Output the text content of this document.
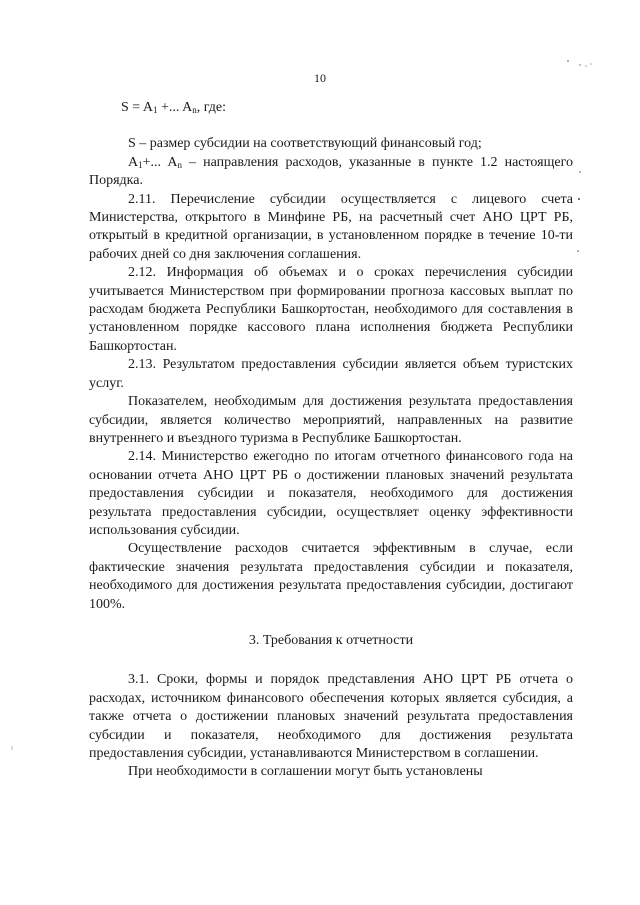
10

$S = A_1$ +... $A_n$, где:

S – размер субсидии на соответствующий финансовый год;

$A_1+$... $A_n$ – направления расходов, указанные в пункте 1.2 настоящего Порядка.

2.11. Перечисление субсидии осуществляется с лицевого счета Министерства, открытого в Минфине РБ, на расчетный счет АНО ЦРТ РБ, открытый в кредитной организации, в установленном порядке в течение 10-ти рабочих дней со дня заключения соглашения.

2.12. Информация об объемах и о сроках перечисления субсидии учитывается Министерством при формировании прогноза кассовых выплат по расходам бюджета Республики Башкортостан, необходимого для составления в установленном порядке кассового плана исполнения бюджета Республики Башкортостан.

2.13. Результатом предоставления субсидии является объем туристских услуг.

Показателем, необходимым для достижения результата предоставления субсидии, является количество мероприятий, направленных на развитие внутреннего и въездного туризма в Республике Башкортостан.

2.14. Министерство ежегодно по итогам отчетного финансового года на основании отчета АНО ЦРТ РБ о достижении плановых значений результата предоставления субсидии и показателя, необходимого для достижения результата предоставления субсидии, осуществляет оценку эффективности использования субсидии.

Осуществление расходов считается эффективным в случае, если фактические значения результата предоставления субсидии и показателя, необходимого для достижения результата предоставления субсидии, достигают 100%.

3. Требования к отчетности

3.1. Сроки, формы и порядок представления АНО ЦРТ РБ отчета о расходах, источником финансового обеспечения которых является субсидия, а также отчета о достижении плановых значений результата предоставления субсидии и показателя, необходимого для достижения результата предоставления субсидии, устанавливаются Министерством в соглашении.

При необходимости в соглашении могут быть установлены
